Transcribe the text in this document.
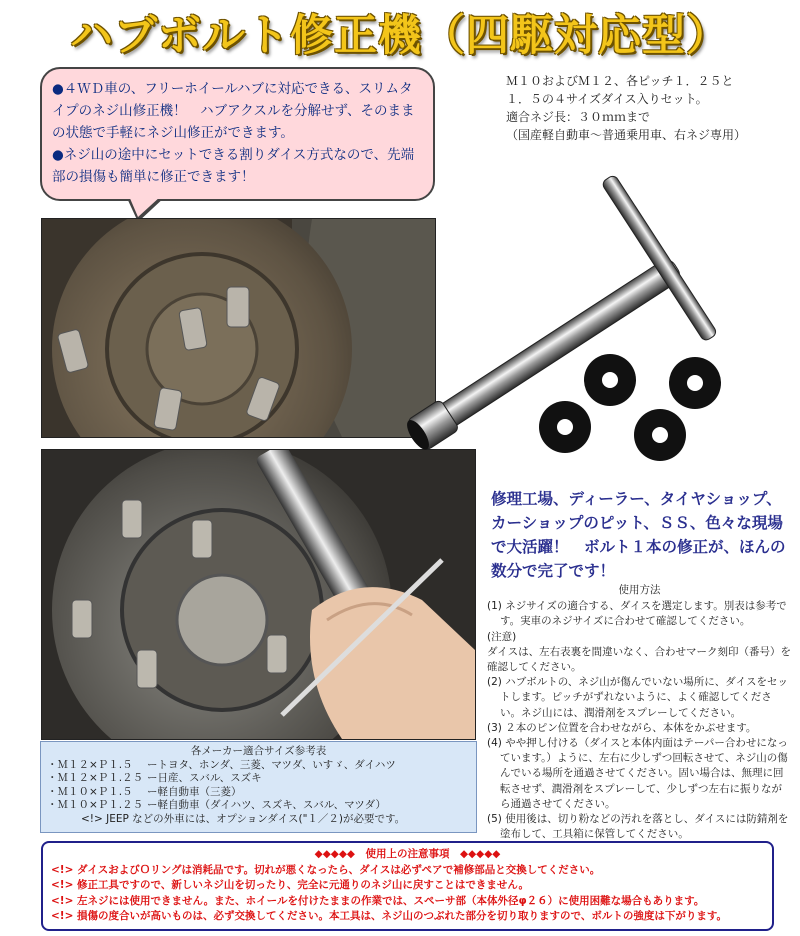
ハブボルト修正機（四駆対応型）

●４ＷＤ車の、フリーホイールハブに対応できる、スリムタイプのネジ山修正機！　ハブアクスルを分解せず、そのままの状態で手軽にネジ山修正ができます。

●ネジ山の途中にセットできる割りダイス方式なので、先端部の損傷も簡単に修正できます！

Ｍ１０およびＭ１２、各ピッチ１．２５と
１．５の４サイズダイス入りセット。
適合ネジ長：３０ｍｍまで
（国産軽自動車〜普通乗用車、右ネジ専用）
修理工場、ディーラー、タイヤショップ、カーショップのピット、ＳＳ、色々な現場で大活躍！　ボルト１本の修正が、ほんの数分で完了です！
使用方法

(1) ネジサイズの適合する、ダイスを選定します。別表は参考です。実車のネジサイズに合わせて確認してください。

(注意)

ダイスは、左右表裏を間違いなく、合わせマーク刻印（番号）を確認してください。

(2) ハブボルトの、ネジ山が傷んでいない場所に、ダイスをセットします。ピッチがずれないように、よく確認してください。ネジ山には、潤滑剤をスプレーしてください。

(3) ２本のピン位置を合わせながら、本体をかぶせます。

(4) やや押し付ける（ダイスと本体内面はテーパー合わせになっています。）ように、左右に少しずつ回転させて、ネジ山の傷んでいる場所を通過させてください。固い場合は、無理に回転させず、潤滑剤をスプレーして、少しずつ左右に振りながら通過させてください。

(5) 使用後は、切り粉などの汚れを落とし、ダイスには防錆剤を塗布して、工具箱に保管してください。

各メーカー適合サイズ参考表
・Ｍ１２×Ｐ１.５	ートヨタ、ホンダ、三菱、マツダ、いすゞ、ダイハツ
・Ｍ１２×Ｐ１.２５ ー日産、スバル、スズキ
・Ｍ１０×Ｐ１.５	ー軽自動車（三菱）
・Ｍ１０×Ｐ１.２５ ー軽自動車（ダイハツ、スズキ、スバル、マツダ）
<!> JEEP などの外車には、オプションダイス("１／２)が必要です。
◆◆◆◆◆　使用上の注意事項　◆◆◆◆◆
<!> ダイスおよびＯリングは消耗品です。切れが悪くなったら、ダイスは必ずペアで補修部品と交換してください。
<!> 修正工具ですので、新しいネジ山を切ったり、完全に元通りのネジ山に戻すことはできません。
<!> 左ネジには使用できません。また、ホイールを付けたままの作業では、スペーサ部（本体外径φ２６）に使用困難な場合もあります。
<!> 損傷の度合いが高いものは、必ず交換してください。本工具は、ネジ山のつぶれた部分を切り取りますので、ボルトの強度は下がります。
